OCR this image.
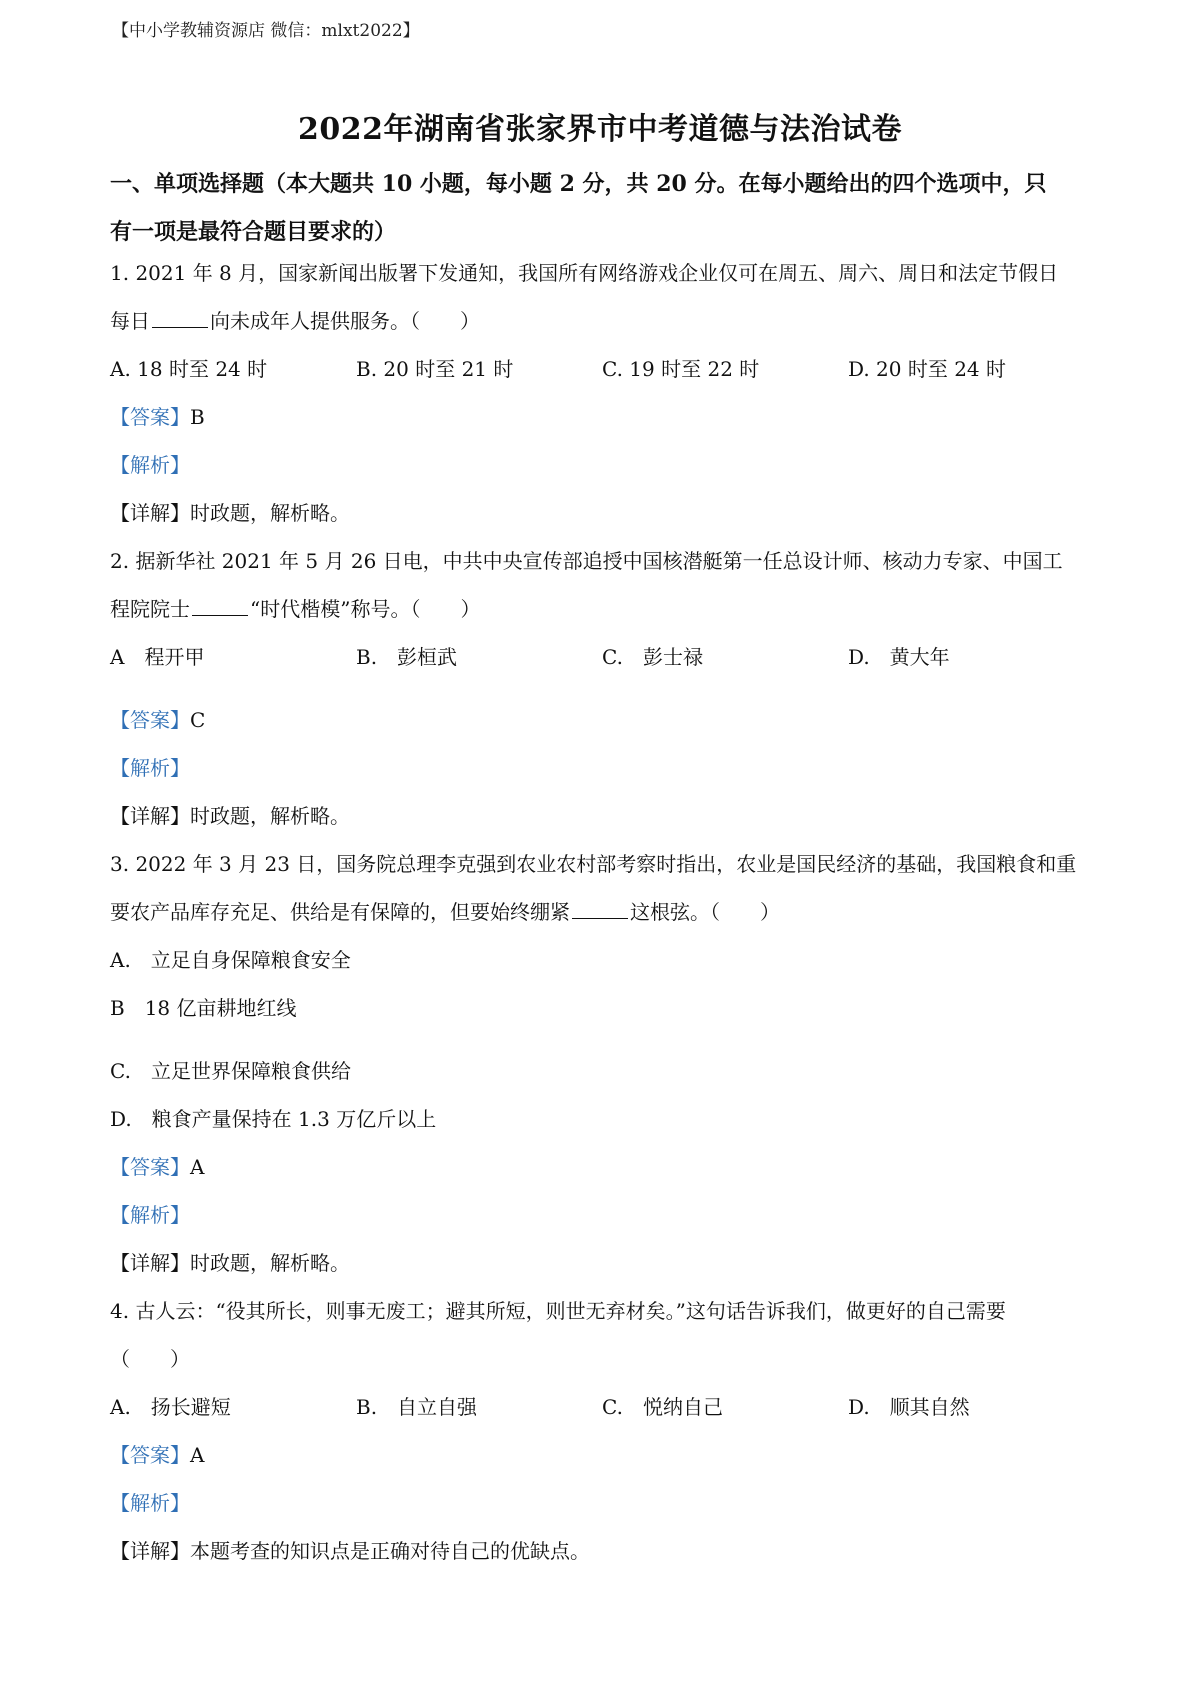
【中小学教辅资源店 微信：mlxt2022】
2022年湖南省张家界市中考道德与法治试卷
一、单项选择题（本大题共 10 小题，每小题 2 分，共 20 分。在每小题给出的四个选项中，只
有一项是最符合题目要求的）
1. 2021 年 8 月，国家新闻出版署下发通知，我国所有网络游戏企业仅可在周五、周六、周日和法定节假日
每日	向未成年人提供服务。（　　）
A. 18 时至 24 时	B. 20 时至 21 时	C. 19 时至 22 时	D. 20 时至 24 时
【答案】B
【解析】
【详解】时政题，解析略。
2. 据新华社 2021 年 5 月 26 日电，中共中央宣传部追授中国核潜艇第一任总设计师、核动力专家、中国工
程院院士	“时代楷模”称号。（　　）
A　程开甲	B.　彭桓武	C.　彭士禄	D.　黄大年
【答案】C
【解析】
【详解】时政题，解析略。
3. 2022 年 3 月 23 日，国务院总理李克强到农业农村部考察时指出，农业是国民经济的基础，我国粮食和重
要农产品库存充足、供给是有保障的，但要始终绷紧	这根弦。（　　）
A.　立足自身保障粮食安全
B　18 亿亩耕地红线
C.　立足世界保障粮食供给
D.　粮食产量保持在 1.3 万亿斤以上
【答案】A
【解析】
【详解】时政题，解析略。
4. 古人云：“役其所长，则事无废工；避其所短，则世无弃材矣。”这句话告诉我们，做更好的自己需要
（　　）
A.　扬长避短	B.　自立自强	C.　悦纳自己	D.　顺其自然
【答案】A
【解析】
【详解】本题考查的知识点是正确对待自己的优缺点。
